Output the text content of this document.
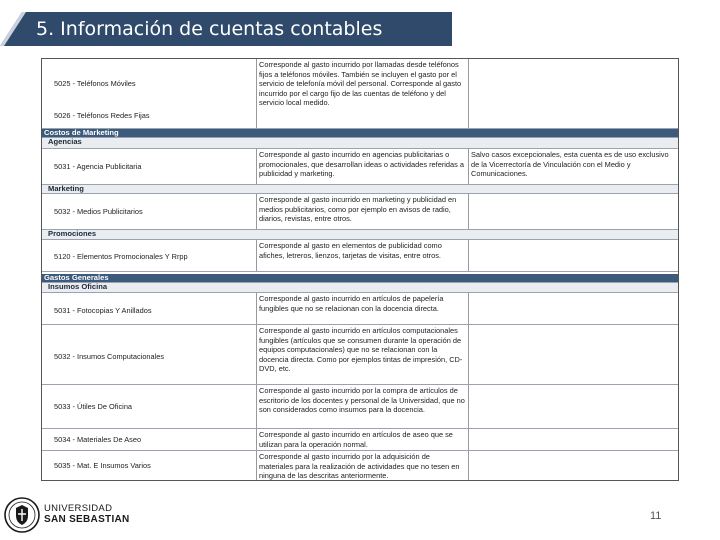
5. Información de cuentas contables
5025 - Teléfonos Móviles
5026 - Teléfonos Redes Fijas
Corresponde al gasto incurrido por llamadas desde teléfonos fijos a teléfonos móviles. También se incluyen el gasto por el servicio de telefonía móvil del personal. Corresponde al gasto incurrido por el cargo fijo de las cuentas de teléfono y del servicio local medido.
Costos de Marketing
Agencias
5031 - Agencia Publicitaria
Corresponde al gasto incurrido en agencias publicitarias o promocionales, que desarrollan ideas o actividades referidas a publicidad y marketing.
Salvo casos excepcionales, esta cuenta es de uso exclusivo de la Vicerrectoría de Vinculación con el Medio y Comunicaciones.
Marketing
5032 - Medios Publicitarios
Corresponde al gasto incurrido en marketing y publicidad en medios publicitarios, como por ejemplo en avisos de radio, diarios, revistas, entre otros.
Promociones
5120 - Elementos Promocionales Y Rrpp
Corresponde al gasto en elementos de publicidad como afiches, letreros, lienzos, tarjetas de visitas, entre otros.
Gastos Generales
Insumos Oficina
5031 - Fotocopias Y Anillados
Corresponde al gasto incurrido en artículos de papelería fungibles que no se relacionan con la docencia directa.
5032 - Insumos Computacionales
Corresponde al gasto incurrido en artículos computacionales fungibles (artículos que se consumen durante la operación de equipos computacionales) que no se relacionan con la docencia directa. Como por ejemplos tintas de impresión, CD-DVD, etc.
5033 - Útiles De Oficina
Corresponde al gasto incurrido por la compra de artículos de escritorio de los docentes y personal de la Universidad, que no son considerados como insumos para la docencia.
5034 - Materiales De Aseo
Corresponde al gasto incurrido en artículos de aseo que se utilizan para la operación normal.
5035 - Mat. E Insumos Varios
Corresponde al gasto incurrido por la adquisición de materiales para la realización de actividades que no tesen en ninguna de las descritas anteriormente.
UNIVERSIDAD
SAN SEBASTIAN	11
